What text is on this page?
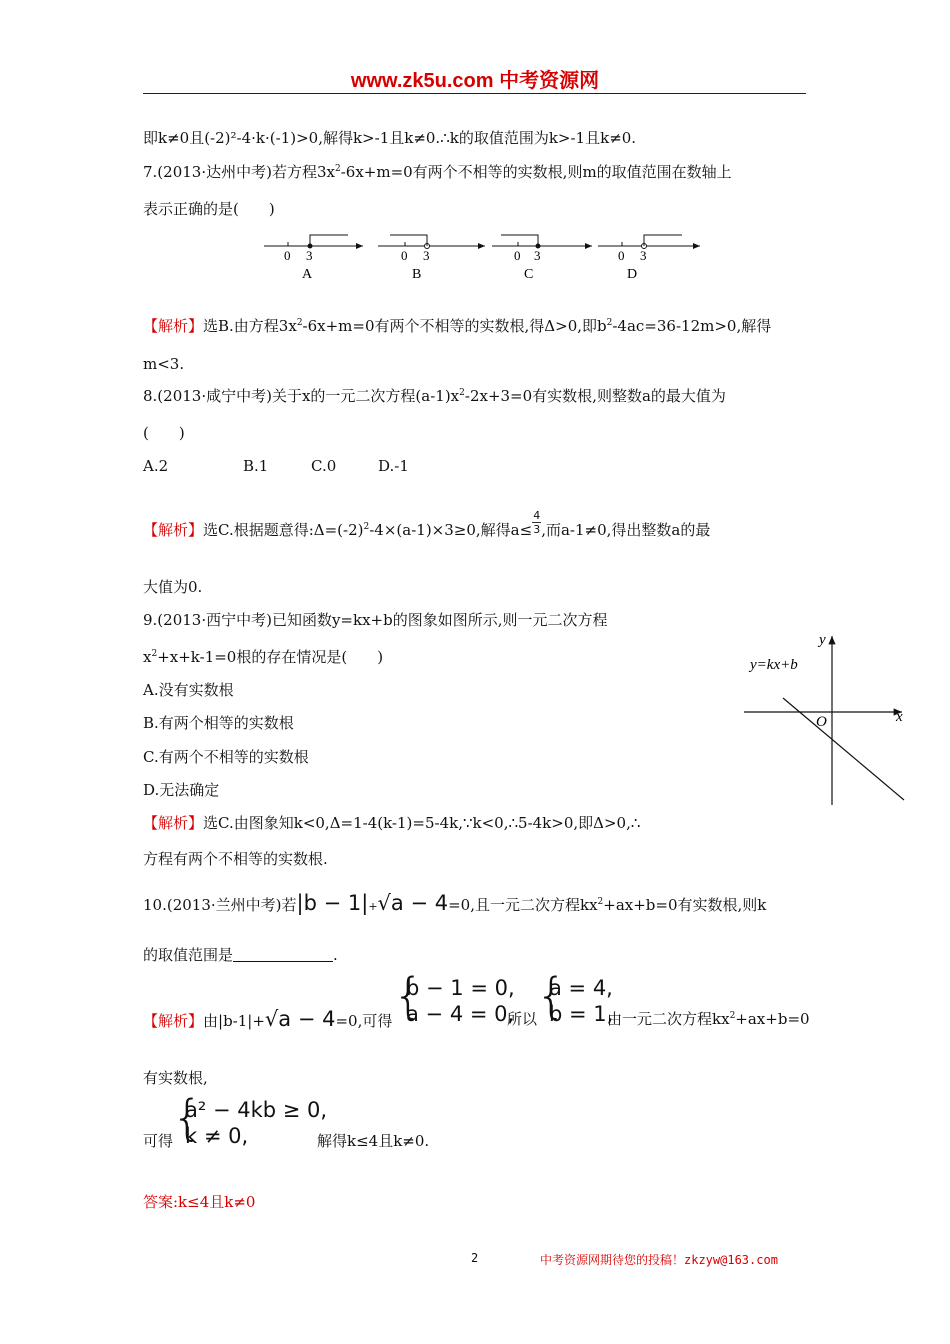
www.zk5u.com 中考资源网
即k≠0且(-2)²-4·k·(-1)>0,解得k>-1且k≠0.∴k的取值范围为k>-1且k≠0.
7.(2013·达州中考)若方程$3x^2-6x+m=0$有两个不相等的实数根,则m的取值范围在数轴上
表示正确的是(　　)
0 3
A
0 3
B
0 3
C
0 3
D
【解析】选B.由方程$3x^2-6x+m=0$有两个不相等的实数根,得Δ>0,即$b^2-4ac=36-12m>0$,解得
m<3.
8.(2013·咸宁中考)关于x的一元二次方程$(a-1)x^2-2x+3=0$有实数根,则整数a的最大值为
(　　)
A.2	B.1	C.0	D.-1
【解析】选C.根据题意得$:\Delta=(-2)^2-4\times(a-1)\times 3\ge 0$,解得$a\le \frac{4}{3}$ ,而a-1≠0,得出整数a的最
大值为0.
9.(2013·西宁中考)已知函数y=kx+b的图象如图所示,则一元二次方程
$x^2+x+k-1=0$根的存在情况是(　　)
A.没有实数根
B.有两个相等的实数根
C.有两个不相等的实数根
D.无法确定
y=kx+b
x
y
O
【解析】选C.由图象知k<0,Δ=1-4(k-1)=5-4k,∵k<0,∴5-4k>0,即Δ>0,∴
方程有两个不相等的实数根.
10.(2013·兰州中考)若|b − 1|+√a − 4=0,且一元二次方程$kx^2+ax+b=0$有实数根,则k
的取值范围是	.
【解析】由|b-1|+√a − 4=0,可得 {
b − 1 = 0,
a − 4 = 0,
所以
{
a = 4,
b = 1,
由一元二次方程$kx^2+ax+b=0$
有实数根,
可得
{
a² − 4kb ≥ 0,
k ≠ 0,	解得k≤4且k≠0.
答案:k≤4且k≠0
2	中考资源网期待您的投稿！zkzyw@163.com
